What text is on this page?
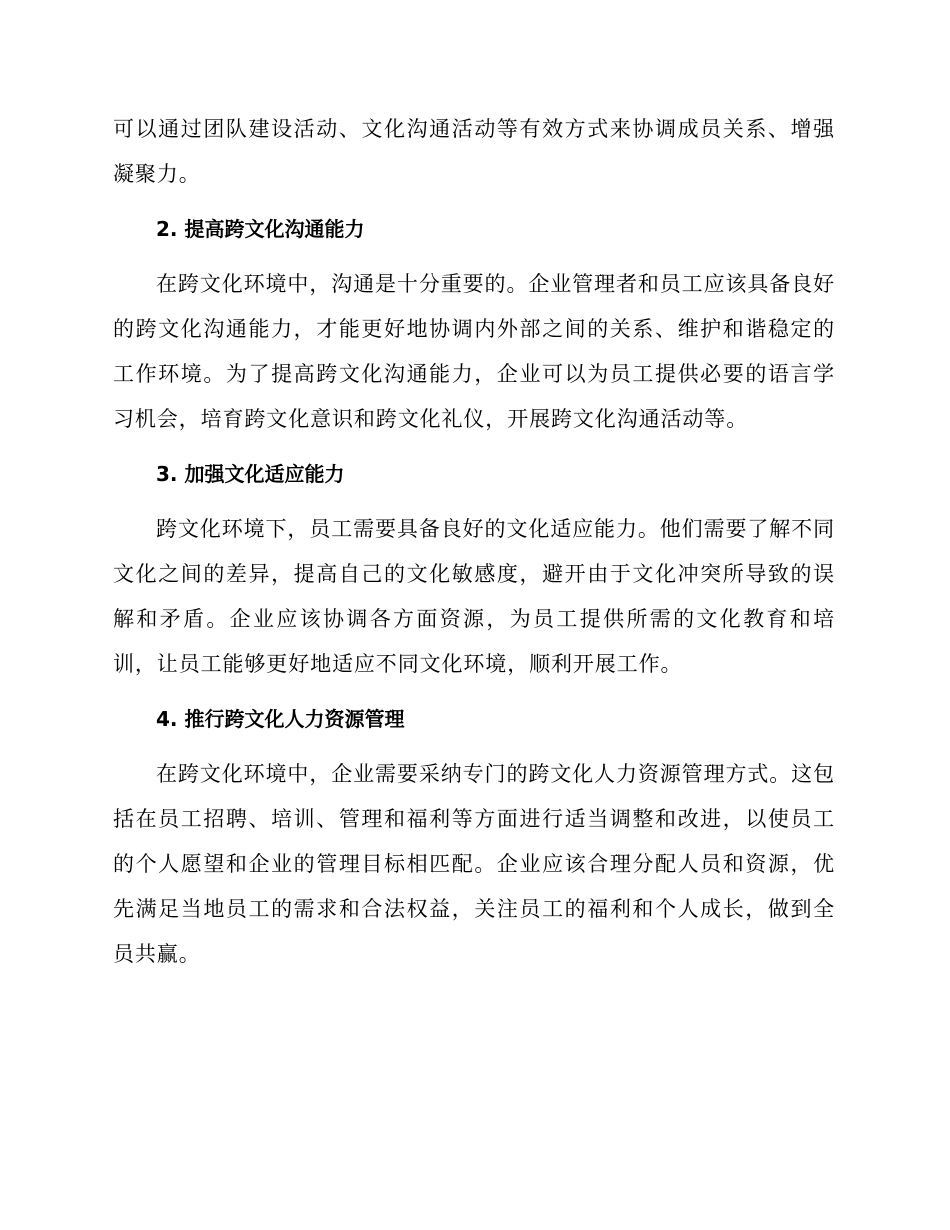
可以通过团队建设活动、文化沟通活动等有效方式来协调成员关系、增强凝聚力。

2. 提高跨文化沟通能力

在跨文化环境中，沟通是十分重要的。企业管理者和员工应该具备良好的跨文化沟通能力，才能更好地协调内外部之间的关系、维护和谐稳定的工作环境。为了提高跨文化沟通能力，企业可以为员工提供必要的语言学习机会，培育跨文化意识和跨文化礼仪，开展跨文化沟通活动等。

3. 加强文化适应能力

跨文化环境下，员工需要具备良好的文化适应能力。他们需要了解不同文化之间的差异，提高自己的文化敏感度，避开由于文化冲突所导致的误解和矛盾。企业应该协调各方面资源，为员工提供所需的文化教育和培训，让员工能够更好地适应不同文化环境，顺利开展工作。

4. 推行跨文化人力资源管理

在跨文化环境中，企业需要采纳专门的跨文化人力资源管理方式。这包括在员工招聘、培训、管理和福利等方面进行适当调整和改进，以使员工的个人愿望和企业的管理目标相匹配。企业应该合理分配人员和资源，优先满足当地员工的需求和合法权益，关注员工的福利和个人成长，做到全员共赢。
